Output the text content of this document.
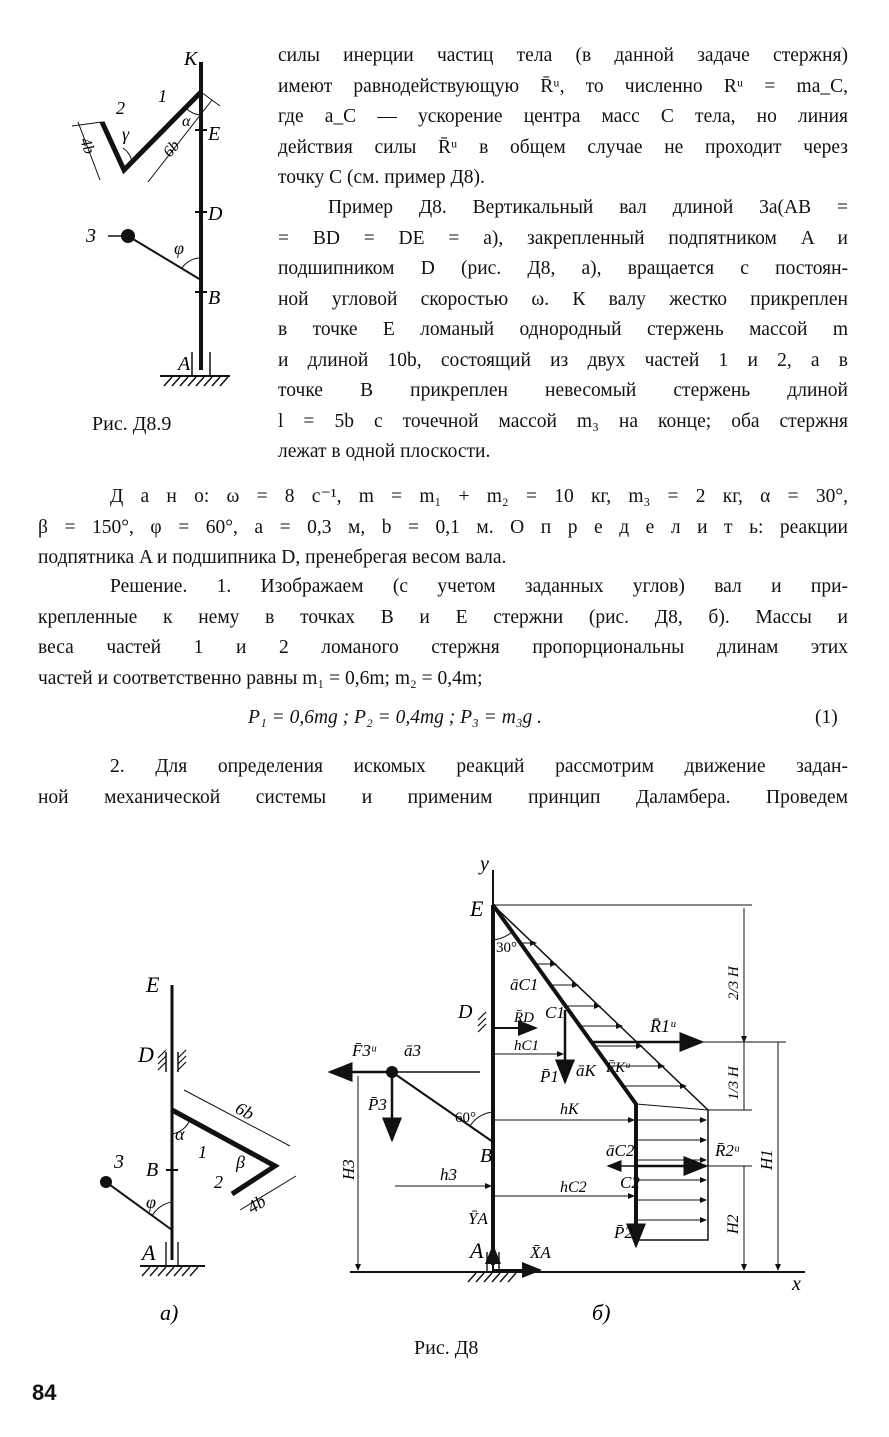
K
E
D
B
A
1
2
3
γ
α
φ
6b
4b
Рис. Д8.9
силы инерции частиц тела (в данной задаче стержня)
имеют равнодействующую R̄ᵘ, то численно Rᵘ = ma_C,
где a_C — ускорение центра масс C тела, но линия
действия силы R̄ᵘ в общем случае не проходит через
точку C (см. пример Д8).
Пример Д8. Вертикальный вал длиной 3a(AB =
= BD = DE = a), закрепленный подпятником A и
подшипником D (рис. Д8, a), вращается с постоян-
ной угловой скоростью ω. К валу жестко прикреплен
в точке E ломаный однородный стержень массой m
и длиной 10b, состоящий из двух частей 1 и 2, а в
точке B прикреплен невесомый стержень длиной
l = 5b с точечной массой m₃ на конце; оба стержня
лежат в одной плоскости.
Д а н о: ω = 8 c⁻¹, m = m₁ + m₂ = 10 кг, m₃ = 2 кг, α = 30°,
β = 150°, φ = 60°, a = 0,3 м, b = 0,1 м. О п р е д е л и т ь: реакции
подпятника A и подшипника D, пренебрегая весом вала.
Решение. 1. Изображаем (с учетом заданных углов) вал и при-
крепленные к нему в точках B и E стержни (рис. Д8, б). Массы и
веса частей 1 и 2 ломаного стержня пропорциональны длинам этих
частей и соответственно равны m₁ = 0,6m; m₂ = 0,4m;
P₁ = 0,6mg ; P₂ = 0,4mg ; P₃ = m₃g .	(1)
2. Для определения искомых реакций рассмотрим движение задан-
ной механической системы и применим принцип Даламбера. Проведем
E
D
B
A
3	1
2
α
β
φ
6b
4b
y
x
E
D
B
A
30°
60°
āC1
C1
R̄D	R̄1ᵘ
hC1
P̄1 āK F̄Kᵘ
hK
F̄3ᵘ ā3
P̄3
H3	h3
āC2	R̄2ᵘ
C2
hC2
P̄2
ȲA
X̄A
2/3 H
1/3 H
H1
H2
а)	б)
Рис. Д8
84
